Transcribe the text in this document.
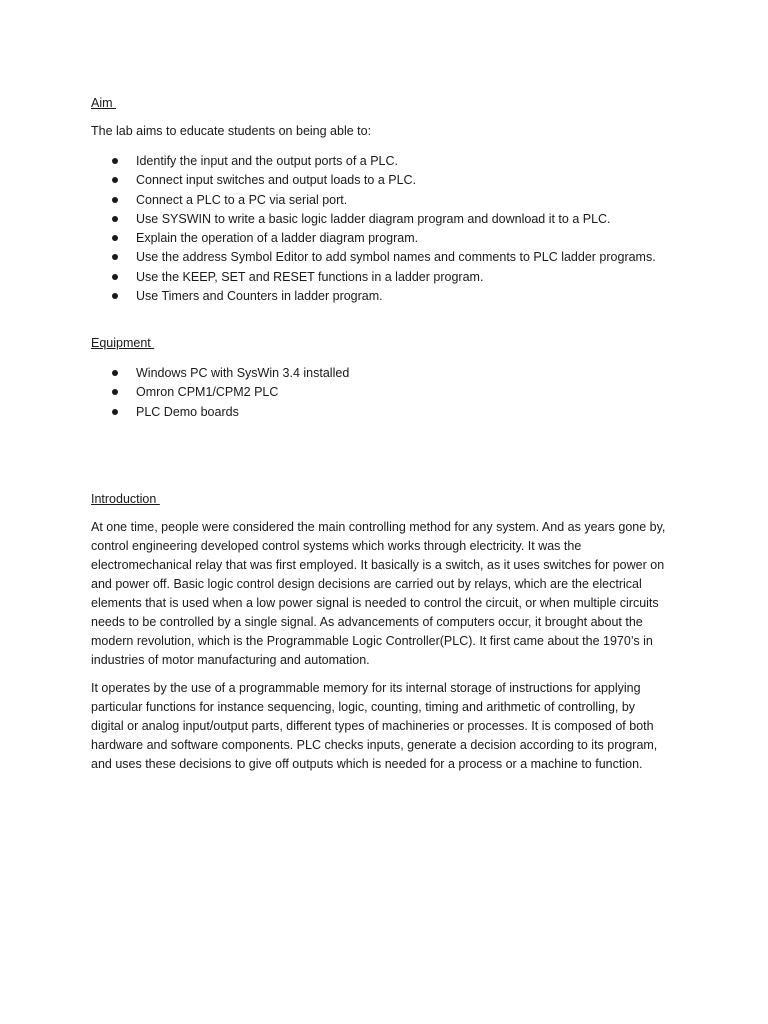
Aim
The lab aims to educate students on being able to:
Identify the input and the output ports of a PLC.
Connect input switches and output loads to a PLC.
Connect a PLC to a PC via serial port.
Use SYSWIN to write a basic logic ladder diagram program and download it to a PLC.
Explain the operation of a ladder diagram program.
Use the address Symbol Editor to add symbol names and comments to PLC ladder programs.
Use the KEEP, SET and RESET functions in a ladder program.
Use Timers and Counters in ladder program.
Equipment
Windows PC with SysWin 3.4 installed
Omron CPM1/CPM2 PLC
PLC Demo boards
Introduction
At one time, people were considered the main controlling method for any system. And as years gone by,
control engineering developed control systems which works through electricity. It was the
electromechanical relay that was first employed. It basically is a switch, as it uses switches for power on
and power off. Basic logic control design decisions are carried out by relays, which are the electrical
elements that is used when a low power signal is needed to control the circuit, or when multiple circuits
needs to be controlled by a single signal. As advancements of computers occur, it brought about the
modern revolution, which is the Programmable Logic Controller(PLC). It first came about the 1970’s in
industries of motor manufacturing and automation.
It operates by the use of a programmable memory for its internal storage of instructions for applying
particular functions for instance sequencing, logic, counting, timing and arithmetic of controlling, by
digital or analog input/output parts, different types of machineries or processes. It is composed of both
hardware and software components. PLC checks inputs, generate a decision according to its program,
and uses these decisions to give off outputs which is needed for a process or a machine to function.
